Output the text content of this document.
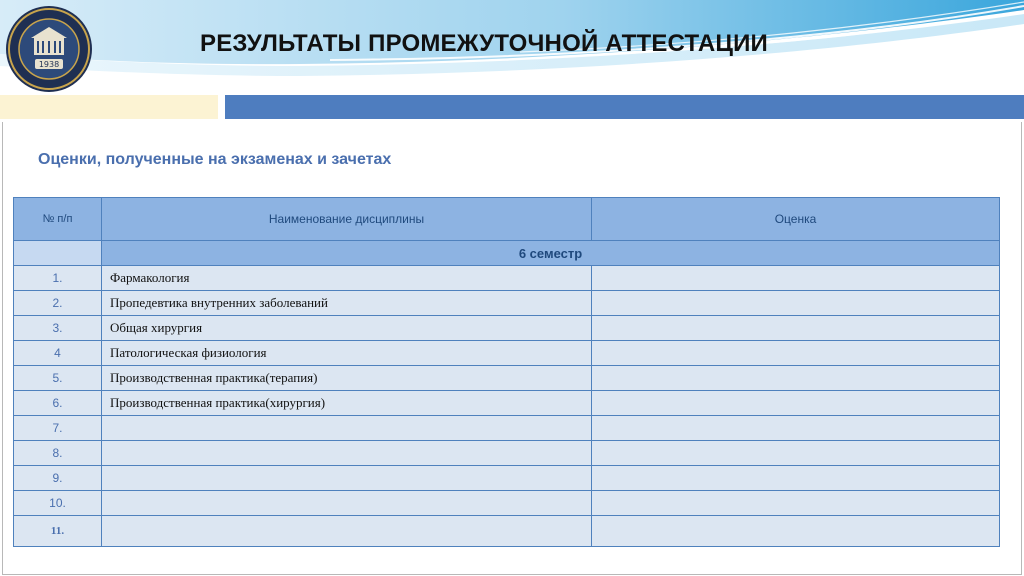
1938
РЕЗУЛЬТАТЫ ПРОМЕЖУТОЧНОЙ АТТЕСТАЦИИ
Оценки, полученные на экзаменах и зачетах
№ п/п	Наименование дисциплины	Оценка
	6 семестр	
1.	Фармакология	
2.	Пропедевтика внутренних заболеваний	
3.	Общая хирургия	
4	Патологическая физиология	
5.	Производственная практика(терапия)	
6.	Производственная практика(хирургия)	
7.		
8.		
9.		
10.		
11.		
